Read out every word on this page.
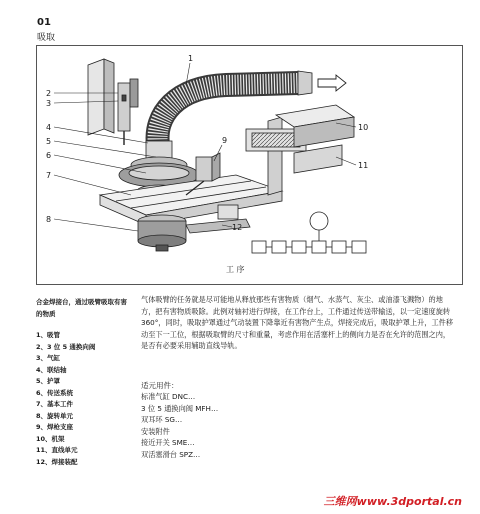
01
吸取
1
2
3
4
5
6
7
8
9
10
11
12
工 序
合金焊接台，通过吸臂吸取有害的物质
1、吸管
2、3 位 5 通换向阀
3、气缸
4、联结轴
5、护罩
6、传送系统
7、基本工件
8、旋转单元
9、焊枪支座
10、机架
11、直线单元
12、焊接装配
气体吸臂的任务就是尽可能地从释放那些有害物质（烟气、水蒸气、灰尘、或油漆飞溅物）的地方，把有害物质吸除。此例对轴衬进行焊接，在工作台上，工件通过传送带输送，以一定速度旋转 360°，同时，吸取护罩通过气动装置下降靠近有害物产生点，焊接完成后，吸取护罩上升，工件移动至下一工位，根据吸取臂的尺寸和重量，考虑作用在活塞杆上的侧向力是否在允许的范围之内，是否有必要采用辅助直线导轨。
适元用件：
标准气缸 DNC…
3 位 5 通换向阀 MFH…
双耳环 SG…
安装附件
接近开关 SME…
双活塞滑台 SPZ…
三维网www.3dportal.cn
